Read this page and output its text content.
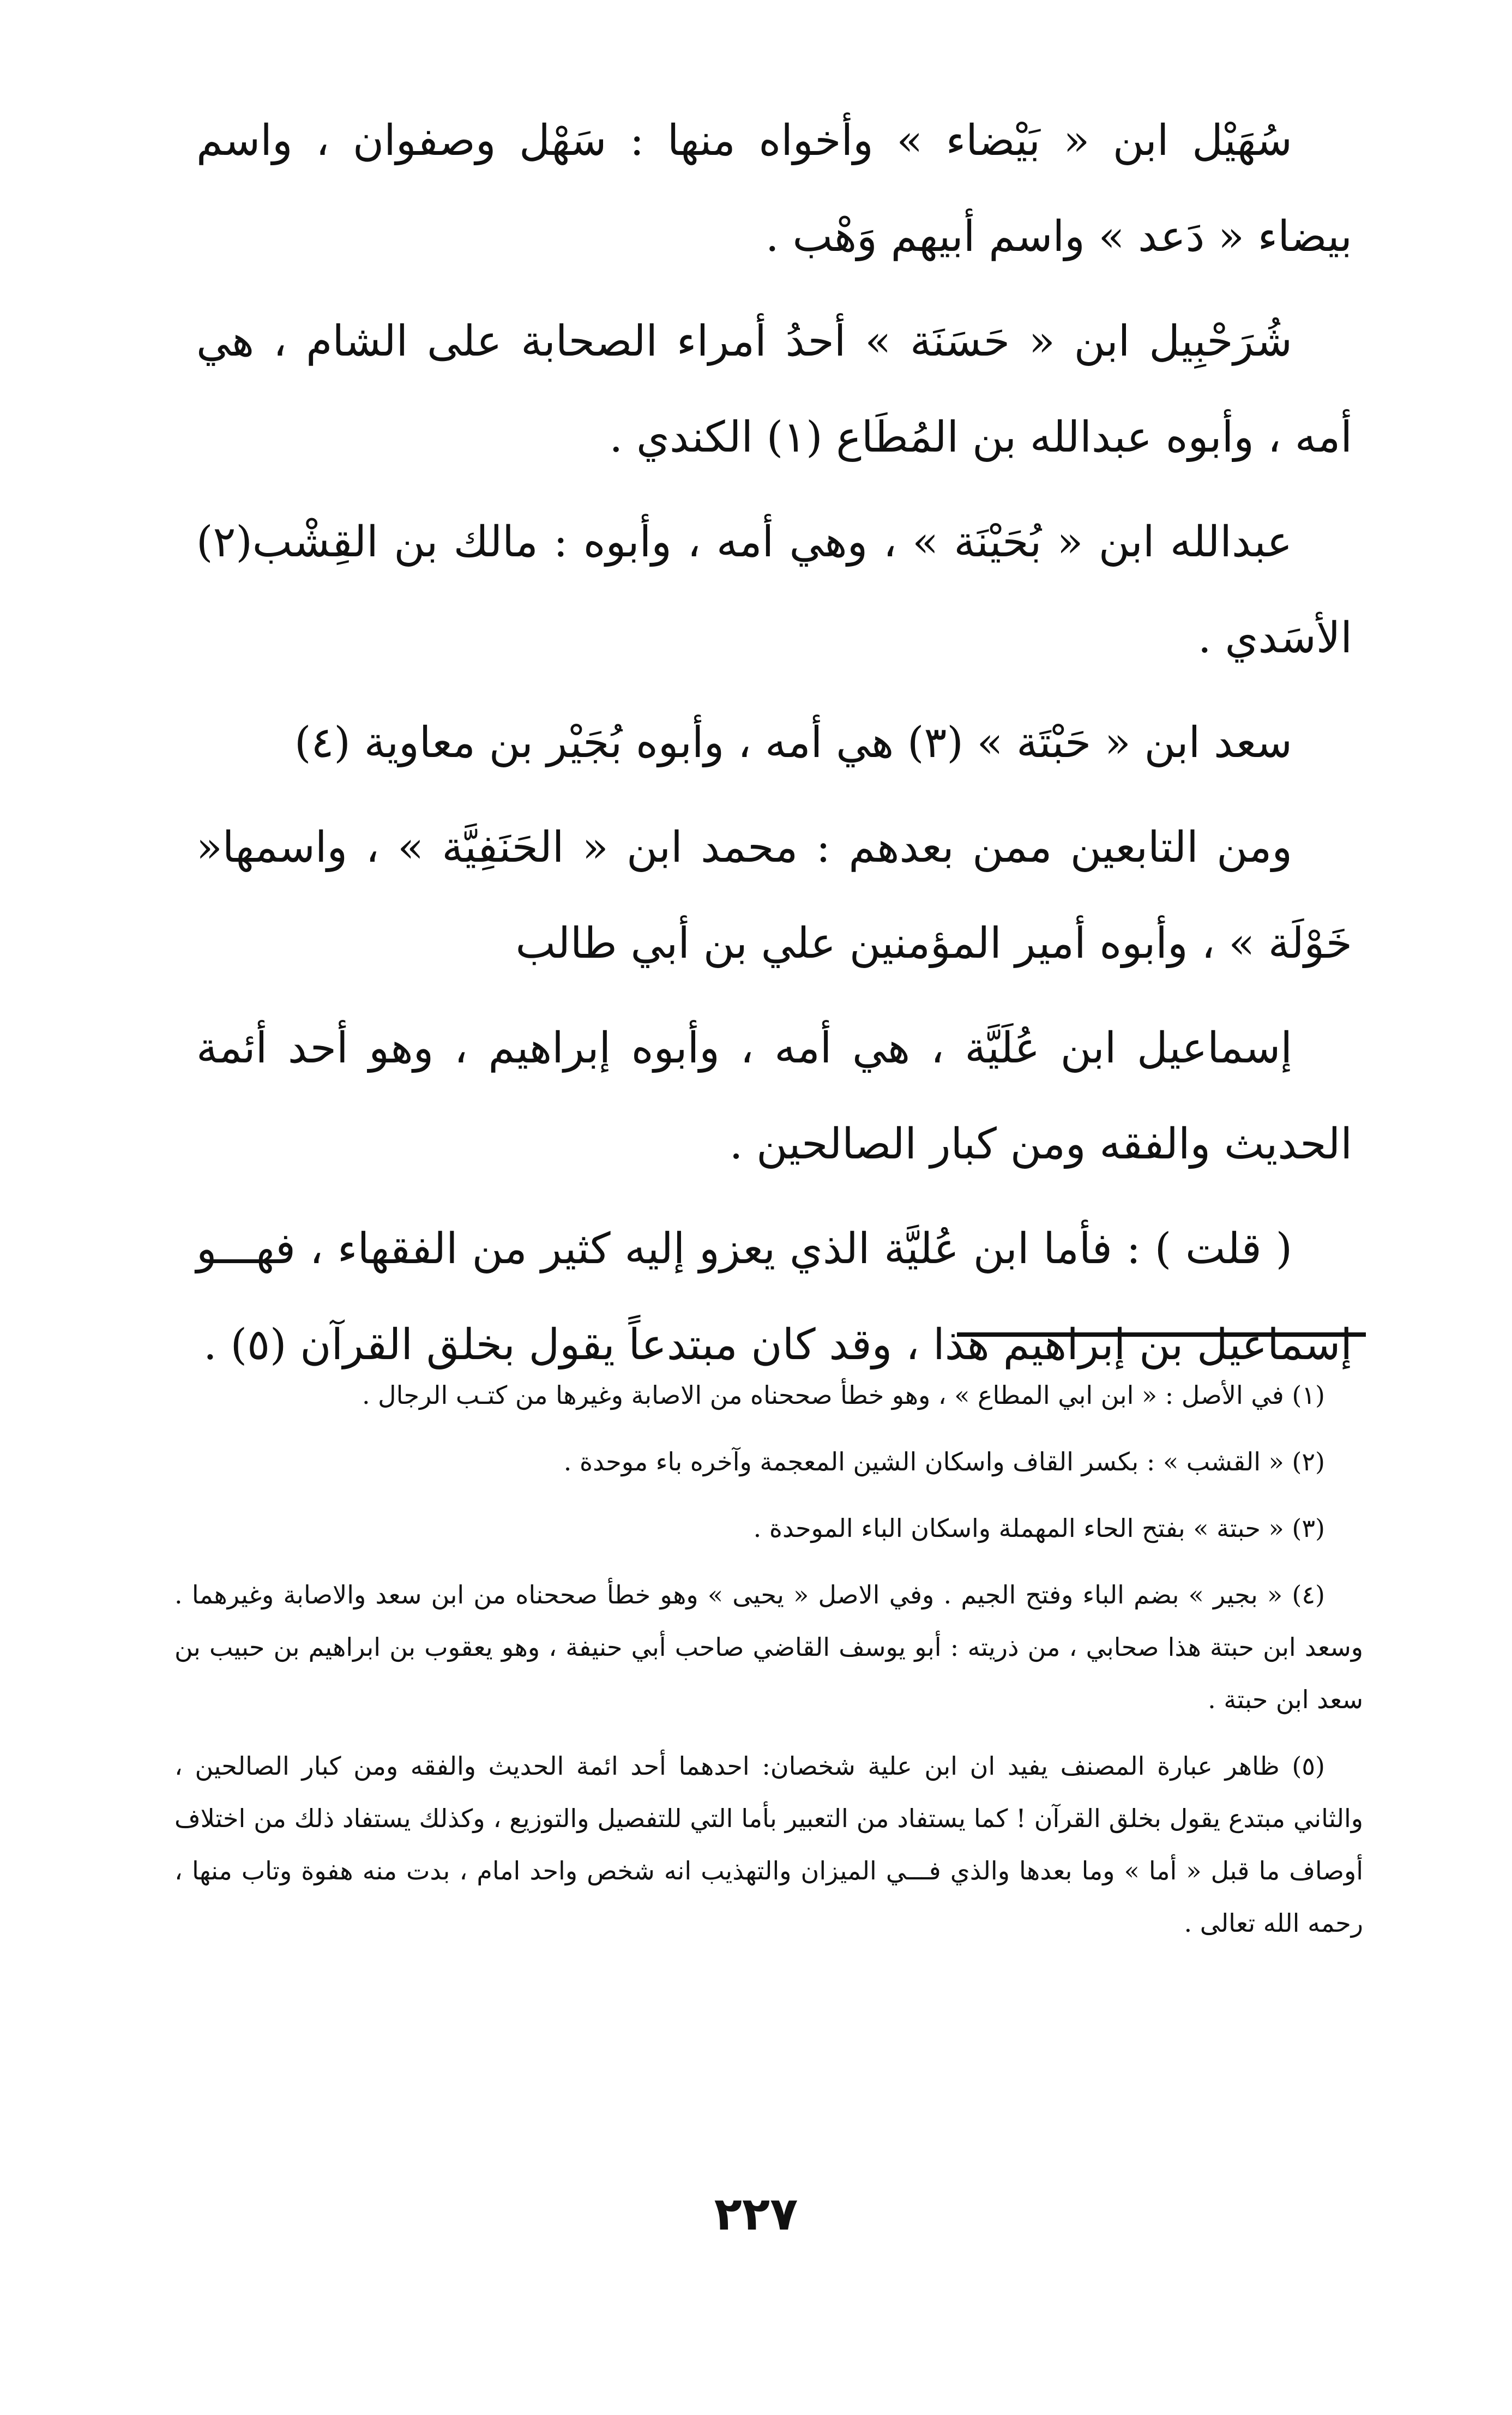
سُهَيْل ابن « بَيْضاء » وأخواه منها : سَهْل وصفوان ، واسم بيضاء « دَعد » واسم أبيهم وَهْب .

شُرَحْبِيل ابن « حَسَنَة » أحدُ أمراء الصحابة على الشام ، هي أمه ، وأبوه عبدالله بن المُطَاع (١) الكندي .

عبدالله ابن « بُحَيْنَة » ، وهي أمه ، وأبوه : مالك بن القِشْب(٢) الأسَدي .

سعد ابن « حَبْتَة » (٣) هي أمه ، وأبوه بُجَيْر بن معاوية (٤)

ومن التابعين ممن بعدهم : محمد ابن « الحَنَفِيَّة » ، واسمها« خَوْلَة » ، وأبوه أمير المؤمنين علي بن أبي طالب

إسماعيل ابن عُلَيَّة ، هي أمه ، وأبوه إبراهيم ، وهو أحد أئمة الحديث والفقه ومن كبار الصالحين .

( قلت ) : فأما ابن عُليَّة الذي يعزو إليه كثير من الفقهاء ، فهـــو إسماعيل بن إبراهيم هذا ، وقد كان مبتدعاً يقول بخلق القرآن (٥) .

(١) في الأصل : « ابن ابي المطاع » ، وهو خطأ صححناه من الاصابة وغيرها من كتـب الرجال .

(٢) « القشب » : بكسر القاف واسكان الشين المعجمة وآخره باء موحدة .

(٣) « حبتة » بفتح الحاء المهملة واسكان الباء الموحدة .

(٤) « بجير » بضم الباء وفتح الجيم . وفي الاصل « يحيى » وهو خطأ صححناه من ابن سعد والاصابة وغيرهما . وسعد ابن حبتة هذا صحابي ، من ذريته : أبو يوسف القاضي صاحب أبي حنيفة ، وهو يعقوب بن ابراهيم بن حبيب بن سعد ابن حبتة .

(٥) ظاهر عبارة المصنف يفيد ان ابن علية شخصان: احدهما أحد ائمة الحديث والفقه ومن كبار الصالحين ، والثاني مبتدع يقول بخلق القرآن ! كما يستفاد من التعبير بأما التي للتفصيل والتوزيع ، وكذلك يستفاد ذلك من اختلاف أوصاف ما قبل « أما » وما بعدها والذي فـــي الميزان والتهذيب انه شخص واحد امام ، بدت منه هفوة وتاب منها ، رحمه الله تعالى .

٢٢٧
